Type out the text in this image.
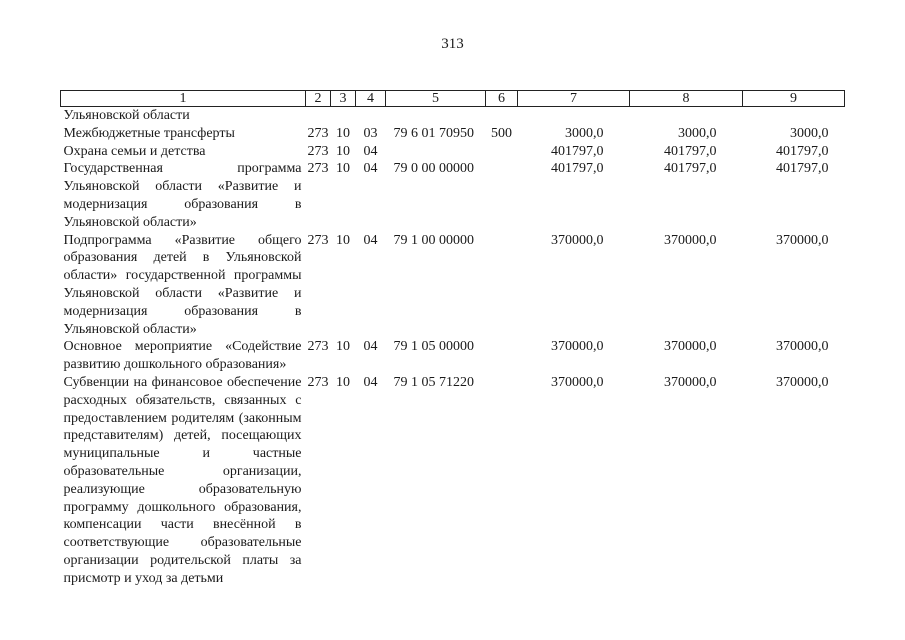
313
1	2	3	4	5	6	7	8	9
Ульяновской области								
Межбюджетные трансферты	273	10	03	79 6 01 70950	500	3000,0	3000,0	3000,0
Охрана семьи и детства	273	10	04			401797,0	401797,0	401797,0
Государственная программа Ульяновской области «Развитие и модернизация образования в Ульяновской области»	273	10	04	79 0 00 00000		401797,0	401797,0	401797,0
Подпрограмма «Развитие общего образования детей в Ульяновской области» государственной программы Ульяновской области «Развитие и модернизация образования в Ульяновской области»	273	10	04	79 1 00 00000		370000,0	370000,0	370000,0
Основное мероприятие «Содействие развитию дошкольного образования»	273	10	04	79 1 05 00000		370000,0	370000,0	370000,0
Субвенции на финансовое обеспечение расходных обязательств, связанных с предоставлением родителям (законным представителям) детей, посещающих муниципальные и частные образовательные организации, реализующие образовательную программу дошкольного образования, компенсации части внесённой в соответствующие образовательные организации родительской платы за присмотр и уход за детьми	273	10	04	79 1 05 71220		370000,0	370000,0	370000,0
